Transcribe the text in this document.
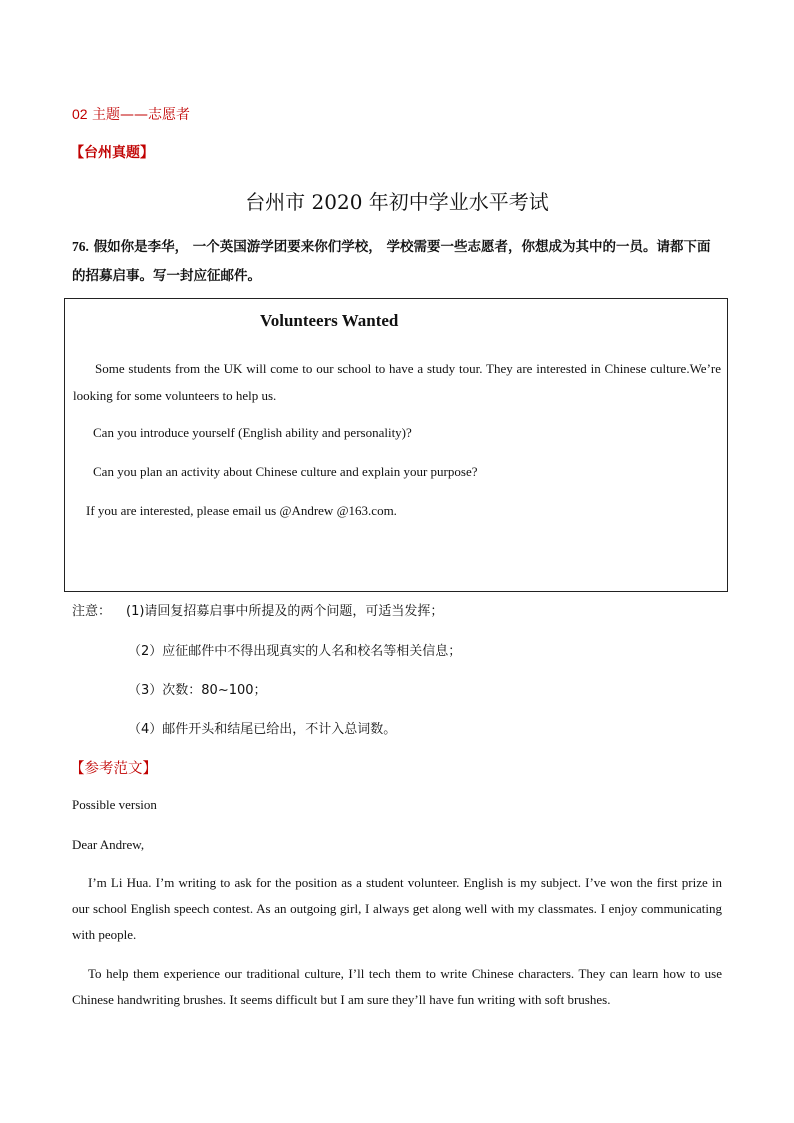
02 主题——志愿者
【台州真题】
台州市 2020 年初中学业水平考试
76. 假如你是李华， 一个英国游学团要来你们学校， 学校需要一些志愿者，你想成为其中的一员。请都下面的招募启事。写一封应征邮件。
Volunteers Wanted
Some students from the UK will come to our school to have a study tour. They are interested in Chinese culture.We’re looking for some volunteers to help us.
Can you introduce yourself (English ability and personality)?
Can you plan an activity about Chinese culture and explain your purpose?
If you are interested, please email us @Andrew @163.com.
注意： (1)请回复招募启事中所提及的两个问题，可适当发挥；
（2）应征邮件中不得出现真实的人名和校名等相关信息；
（3）次数：80~100；
（4）邮件开头和结尾已给出，不计入总词数。
【参考范文】
Possible version
Dear Andrew,
I’m Li Hua. I’m writing to ask for the position as a student volunteer. English is my subject. I’ve won the first prize in our school English speech contest. As an outgoing girl, I always get along well with my classmates. I enjoy communicating with people.
To help them experience our traditional culture, I’ll tech them to write Chinese characters. They can learn how to use Chinese handwriting brushes. It seems difficult but I am sure they’ll have fun writing with soft brushes.
